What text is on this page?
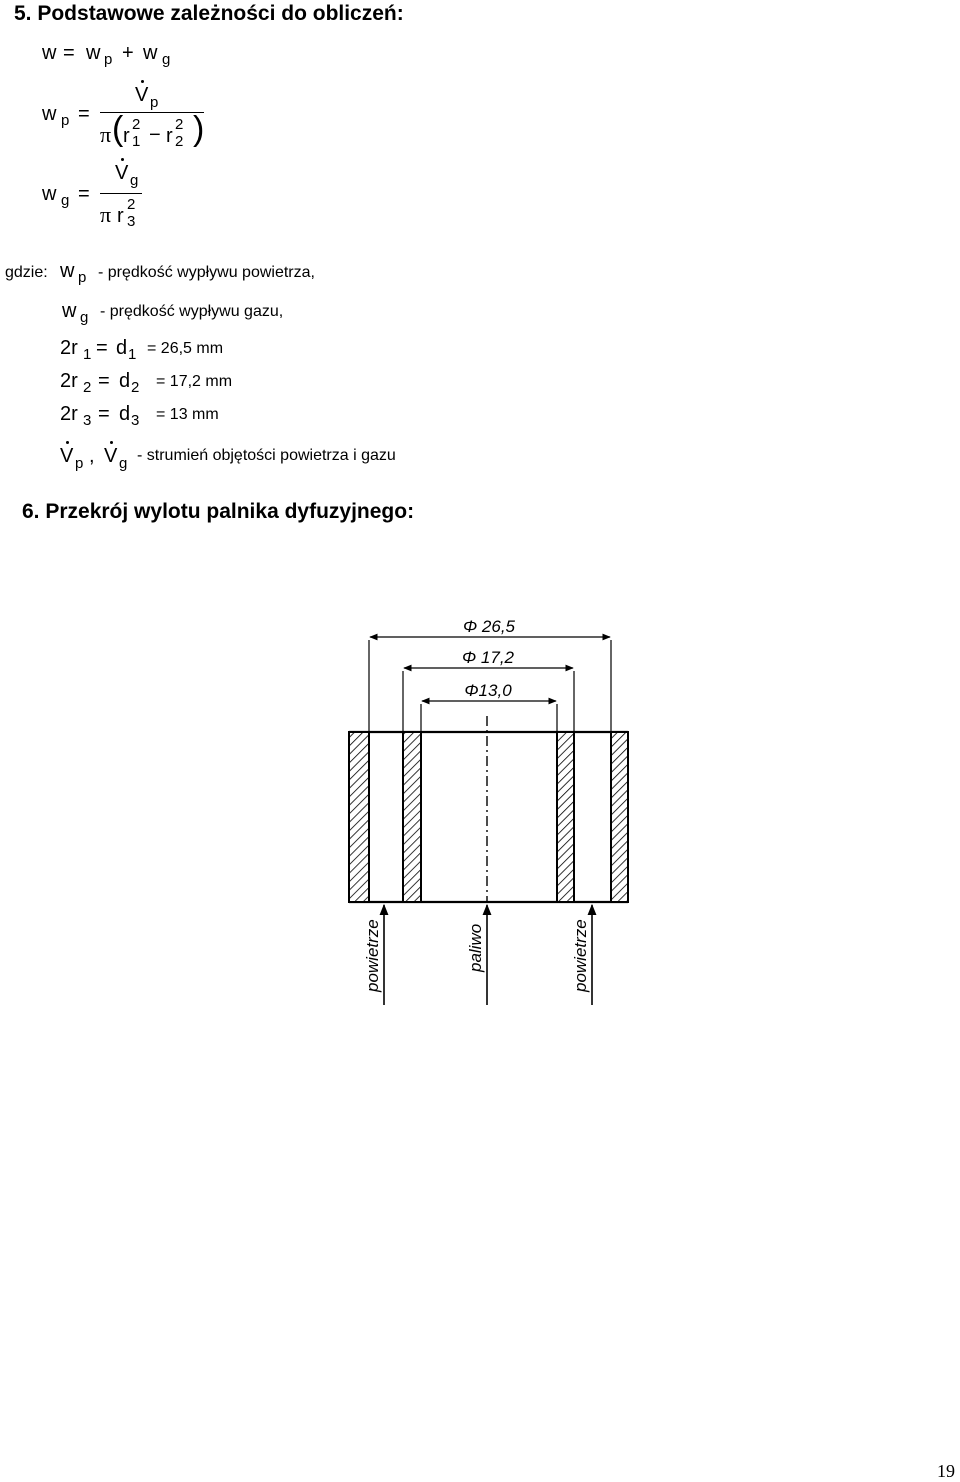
5. Podstawowe zależności do obliczeń:
w = w p + w g
w p =
V p
π ( r
2
1 − r
2
2 )
w g =
V g
π r
2
3
gdzie: w p - prędkość wypływu powietrza,
w g - prędkość wypływu gazu,
2r 1 = d 1 = 26,5 mm
2r 2 = d 2 = 17,2 mm
2r 3 = d 3 = 13 mm
V p , V g - strumień objętości powietrza i gazu
6. Przekrój wylotu palnika dyfuzyjnego:
Φ 26,5
Φ 17,2
Φ13,0
powietrze	paliwo	powietrze
19
